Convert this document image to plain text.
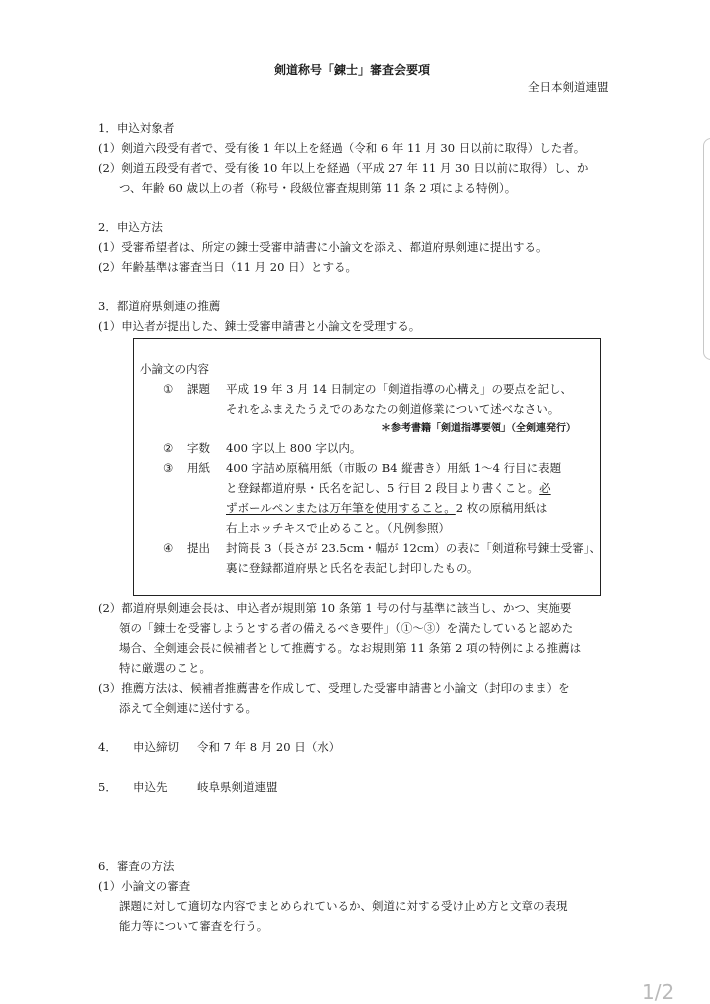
剣道称号「錬士」審査会要項
全日本剣道連盟
1．申込対象者
(1）剣道六段受有者で、受有後 1 年以上を経過（令和 6 年 11 月 30 日以前に取得）した者。
(2）剣道五段受有者で、受有後 10 年以上を経過（平成 27 年 11 月 30 日以前に取得）し、か
つ、年齢 60 歳以上の者（称号・段級位審査規則第 11 条 2 項による特例）。
2．申込方法
(1）受審希望者は、所定の錬士受審申請書に小論文を添え、都道府県剣連に提出する。
(2）年齢基準は審査当日（11 月 20 日）とする。
3．都道府県剣連の推薦
(1）申込者が提出した、錬士受審申請書と小論文を受理する。
小論文の内容
① 課題 平成 19 年 3 月 14 日制定の「剣道指導の心構え」の要点を記し、
それをふまえたうえでのあなたの剣道修業について述べなさい。
＊参考書籍「剣道指導要領」（全剣連発行）
② 字数 400 字以上 800 字以内。
③ 用紙 400 字詰め原稿用紙（市販の B4 縦書き）用紙 1～4 行目に表題
と登録都道府県・氏名を記し、5 行目 2 段目より書くこと。必
ずボールペンまたは万年筆を使用すること。2 枚の原稿用紙は
右上ホッチキスで止めること。（凡例参照）
④ 提出 封筒長 3（長さが 23.5cm・幅が 12cm）の表に「剣道称号錬士受審」、
裏に登録都道府県と氏名を表記し封印したもの。
(2）都道府県剣連会長は、申込者が規則第 10 条第 1 号の付与基準に該当し、かつ、実施要
領の「錬士を受審しようとする者の備えるべき要件」（①～③）を満たしていると認めた
場合、全剣連会長に候補者として推薦する。なお規則第 11 条第 2 項の特例による推薦は
特に厳選のこと。
(3）推薦方法は、候補者推薦書を作成して、受理した受審申請書と小論文（封印のまま）を
添えて全剣連に送付する。
4． 申込締切 令和 7 年 8 月 20 日（水）
5． 申込先	岐阜県剣道連盟
6．審査の方法
(1）小論文の審査
課題に対して適切な内容でまとめられているか、剣道に対する受け止め方と文章の表現
能力等について審査を行う。
1/2
